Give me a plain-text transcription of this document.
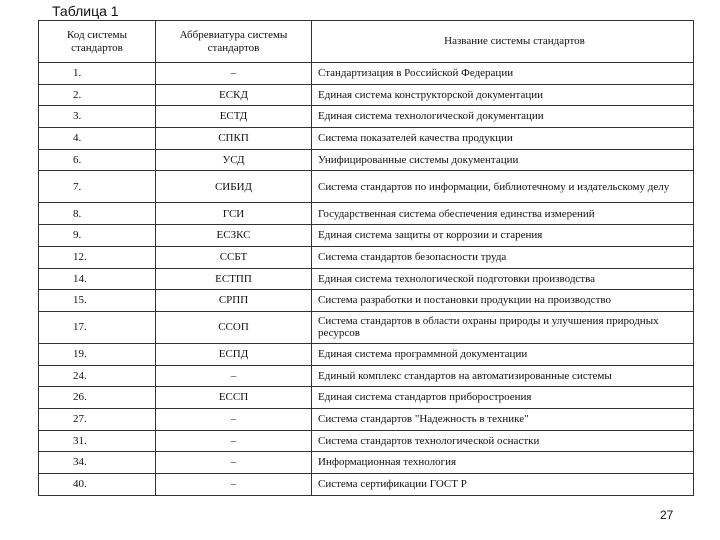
Таблица 1
Код системы стандартов	Аббревиатура системы стандартов	Название системы стандартов
1.	–	Стандартизация в Российской Федерации
2.	ЕСКД	Единая система конструкторской документации
3.	ЕСТД	Единая система технологической документации
4.	СПКП	Система показателей качества продукции
6.	УСД	Унифицированные системы документации
7.	СИБИД	Система стандартов по информации, библиотечному и издательскому делу
8.	ГСИ	Государственная система обеспечения единства измерений
9.	ЕСЗКС	Единая система защиты от коррозии и старения
12.	ССБТ	Система стандартов безопасности труда
14.	ЕСТПП	Единая система технологической подготовки производства
15.	СРПП	Система разработки и постановки продукции на производство
17.	ССОП	Система стандартов в области охраны природы и улучшения природных ресурсов
19.	ЕСПД	Единая система программной документации
24.	–	Единый комплекс стандартов на автоматизированные системы
26.	ЕССП	Единая система стандартов приборостроения
27.	–	Система стандартов "Надежность в технике"
31.	–	Система стандартов технологической оснастки
34.	–	Информационная технология
40.	–	Система сертификации ГОСТ Р
27
